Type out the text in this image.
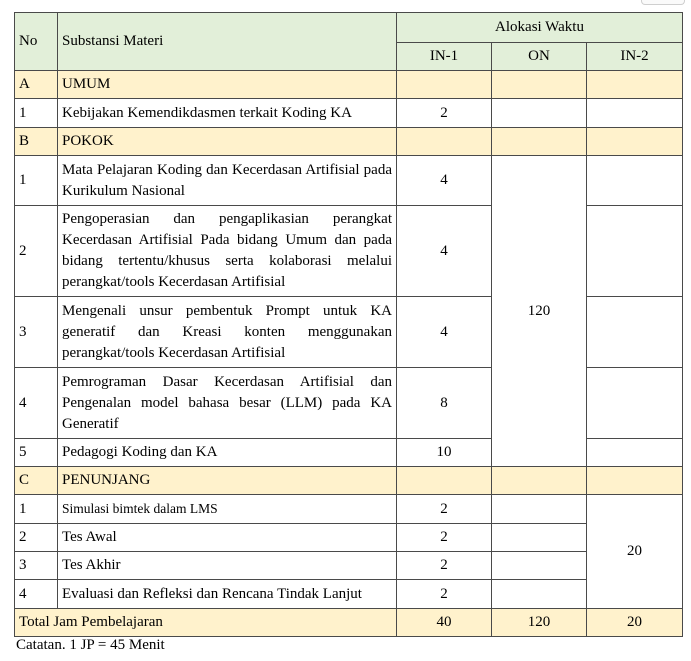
No	Substansi Materi	Alokasi Waktu		
		IN-1	ON	IN-2
A	UMUM			
1	Kebijakan Kemendikdasmen terkait Koding KA	2		
B	POKOK			
1	Mata Pelajaran Koding dan Kecerdasan Artifisial pada Kurikulum Nasional	4	120	
2	Pengoperasian dan pengaplikasian perangkat Kecerdasan Artifisial Pada bidang Umum dan pada bidang tertentu/khusus serta kolaborasi melalui perangkat/tools Kecerdasan Artifisial	4		
3	Mengenali unsur pembentuk Prompt untuk KA generatif dan Kreasi konten menggunakan perangkat/tools Kecerdasan Artifisial	4		
4	Pemrograman Dasar Kecerdasan Artifisial dan Pengenalan model bahasa besar (LLM) pada KA Generatif	8		
5	Pedagogi Koding dan KA	10		
C	PENUNJANG			
1	Simulasi bimtek dalam LMS	2		20
2	Tes Awal	2		
3	Tes Akhir	2		
4	Evaluasi dan Refleksi dan Rencana Tindak Lanjut	2		
Total Jam Pembelajaran		40	120	20
Catatan. 1 JP = 45 Menit
